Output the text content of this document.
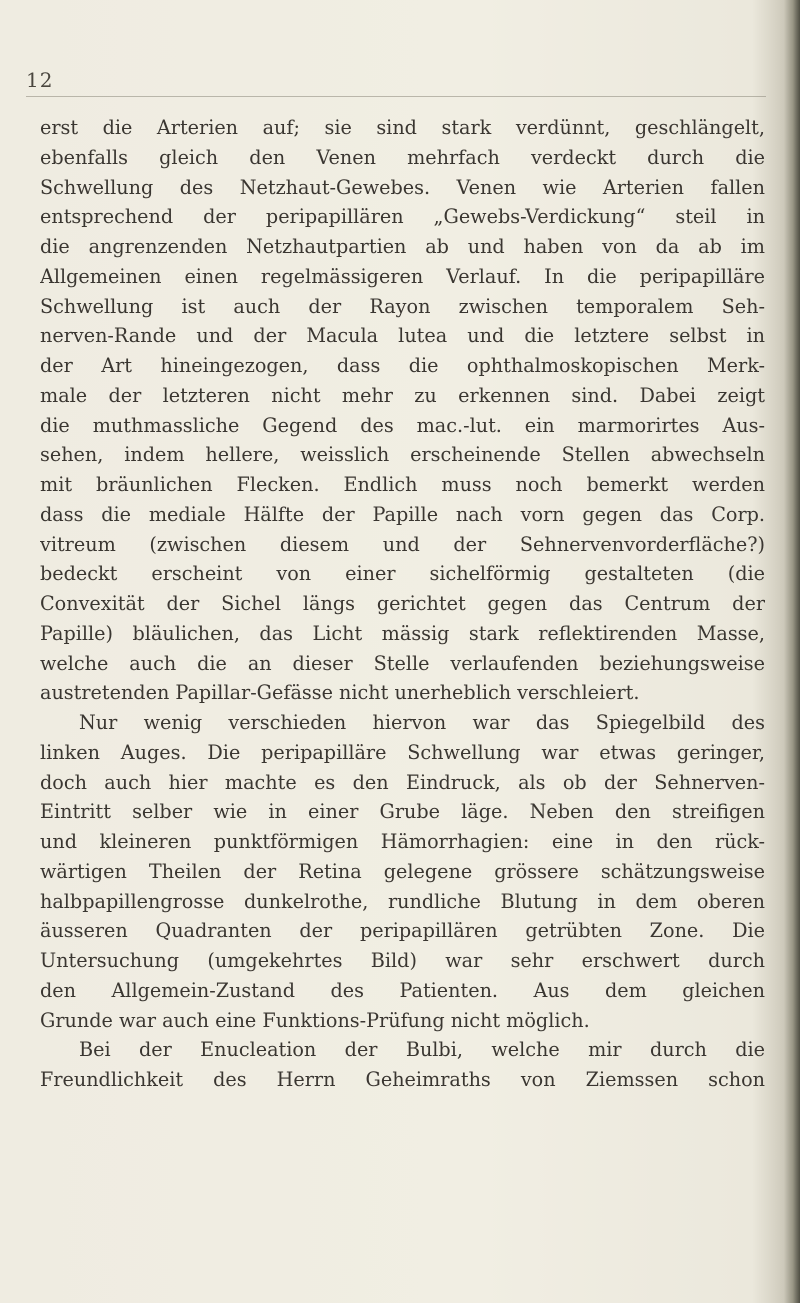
12
erst die Arterien auf; sie sind stark verdünnt, geschlängelt,
ebenfalls gleich den Venen mehrfach verdeckt durch die
Schwellung des Netzhaut-Gewebes. Venen wie Arterien fallen
entsprechend der peripapillären „Gewebs-Verdickung“ steil in
die angrenzenden Netzhautpartien ab und haben von da ab im
Allgemeinen einen regelmässigeren Verlauf. In die peripapilläre
Schwellung ist auch der Rayon zwischen temporalem Seh-
nerven-Rande und der Macula lutea und die letztere selbst in
der Art hineingezogen, dass die ophthalmoskopischen Merk-
male der letzteren nicht mehr zu erkennen sind. Dabei zeigt
die muthmassliche Gegend des mac.-lut. ein marmorirtes Aus-
sehen, indem hellere, weisslich erscheinende Stellen abwechseln
mit bräunlichen Flecken. Endlich muss noch bemerkt werden
dass die mediale Hälfte der Papille nach vorn gegen das Corp.
vitreum (zwischen diesem und der Sehnervenvorderfläche?)
bedeckt erscheint von einer sichelförmig gestalteten (die
Convexität der Sichel längs gerichtet gegen das Centrum der
Papille) bläulichen, das Licht mässig stark reflektirenden Masse,
welche auch die an dieser Stelle verlaufenden beziehungsweise
austretenden Papillar-Gefässe nicht unerheblich verschleiert.
Nur wenig verschieden hiervon war das Spiegelbild des
linken Auges. Die peripapilläre Schwellung war etwas geringer,
doch auch hier machte es den Eindruck, als ob der Sehnerven-
Eintritt selber wie in einer Grube läge. Neben den streifigen
und kleineren punktförmigen Hämorrhagien: eine in den rück-
wärtigen Theilen der Retina gelegene grössere schätzungsweise
halbpapillengrosse dunkelrothe, rundliche Blutung in dem oberen
äusseren Quadranten der peripapillären getrübten Zone. Die
Untersuchung (umgekehrtes Bild) war sehr erschwert durch
den Allgemein-Zustand des Patienten. Aus dem gleichen
Grunde war auch eine Funktions-Prüfung nicht möglich.
Bei der Enucleation der Bulbi, welche mir durch die
Freundlichkeit des Herrn Geheimraths von Ziemssen schon
